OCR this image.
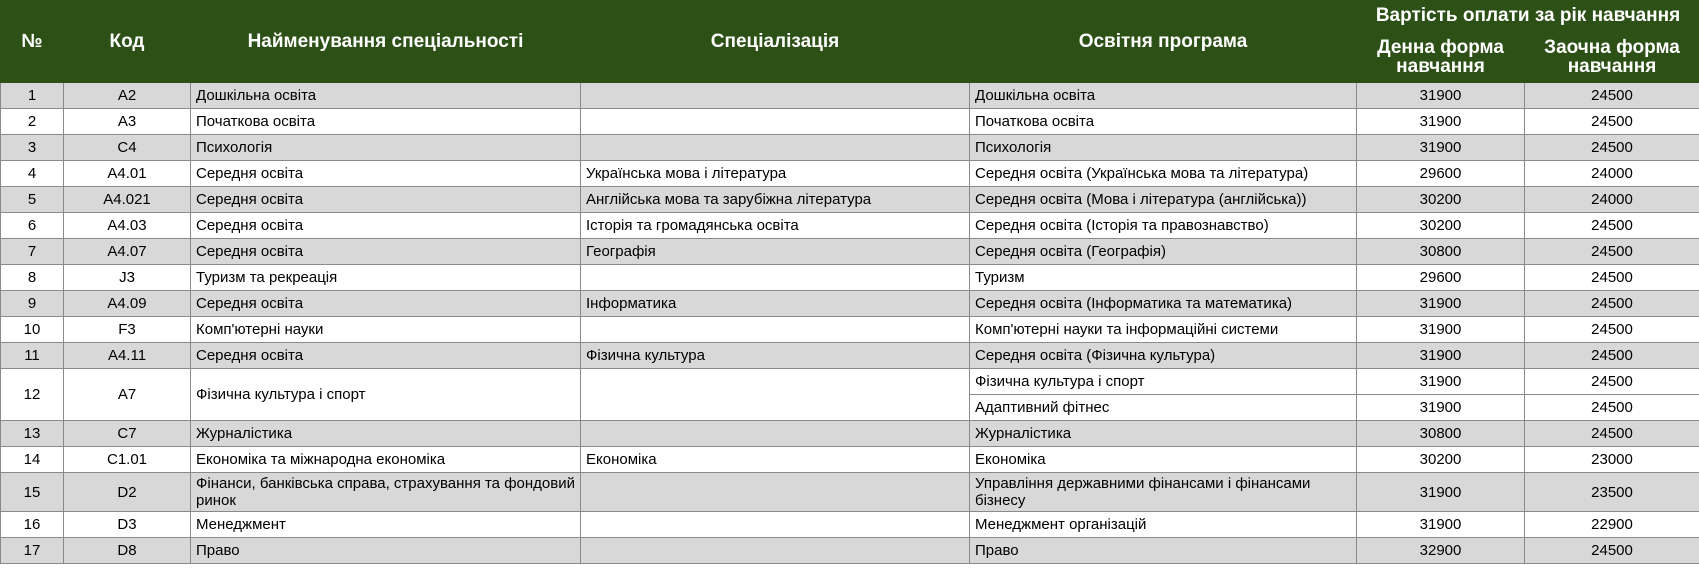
№	Код	Найменування спеціальності	Спеціалізація	Освітня програма	Вартість оплати за рік навчання	
					Денна форма навчання	Заочна форма навчання
1	А2	Дошкільна освіта		Дошкільна освіта	31900	24500
2	А3	Початкова освіта		Початкова освіта	31900	24500
3	С4	Психологія		Психологія	31900	24500
4	А4.01	Середня освіта	Українська мова і література	Середня освіта (Українська мова та література)	29600	24000
5	А4.021	Середня освіта	Англійська мова та зарубіжна література	Середня освіта (Мова і література (англійська))	30200	24000
6	А4.03	Середня освіта	Історія та громадянська освіта	Середня освіта (Історія та правознавство)	30200	24500
7	А4.07	Середня освіта	Географія	Середня освіта (Географія)	30800	24500
8	J3	Туризм та рекреація		Туризм	29600	24500
9	А4.09	Середня освіта	Інформатика	Середня освіта (Інформатика та математика)	31900	24500
10	F3	Комп'ютерні науки		Комп'ютерні науки та інформаційні системи	31900	24500
11	А4.11	Середня освіта	Фізична культура	Середня освіта (Фізична культура)	31900	24500
12	А7	Фізична культура і спорт		Фізична культура і спорт	31900	24500
				Адаптивний фітнес	31900	24500
13	С7	Журналістика		Журналістика	30800	24500
14	С1.01	Економіка та міжнародна економіка	Економіка	Економіка	30200	23000
15	D2	Фінанси, банківська справа, страхування та фондовий ринок		Управління державними фінансами і фінансами бізнесу	31900	23500
16	D3	Менеджмент		Менеджмент організацій	31900	22900
17	D8	Право		Право	32900	24500
